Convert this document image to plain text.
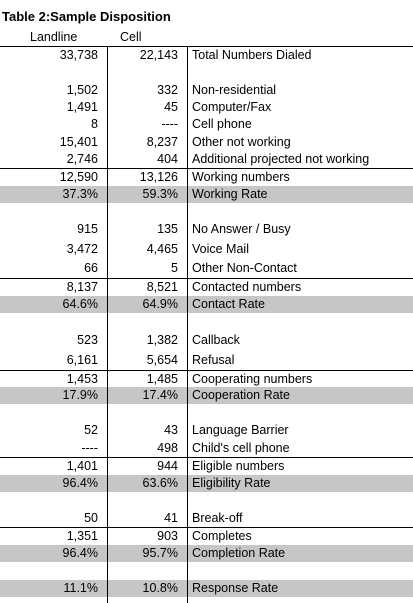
Table 2:Sample Disposition
Landline	Cell
33,738	22,143 Total Numbers Dialed
1,502	332 Non-residential
1,491	45 Computer/Fax
8	---- Cell phone
15,401	8,237 Other not working
2,746	404 Additional projected not working
12,590	13,126 Working numbers
37.3%	59.3% Working Rate
915	135 No Answer / Busy
3,472	4,465 Voice Mail
66	5 Other Non-Contact
8,137	8,521 Contacted numbers
64.6%	64.9% Contact Rate
523	1,382 Callback
6,161	5,654 Refusal
1,453	1,485 Cooperating numbers
17.9%	17.4% Cooperation Rate
52	43 Language Barrier
----	498 Child's cell phone
1,401	944 Eligible numbers
96.4%	63.6% Eligibility Rate
50	41 Break-off
1,351	903 Completes
96.4%	95.7% Completion Rate
11.1%	10.8% Response Rate
